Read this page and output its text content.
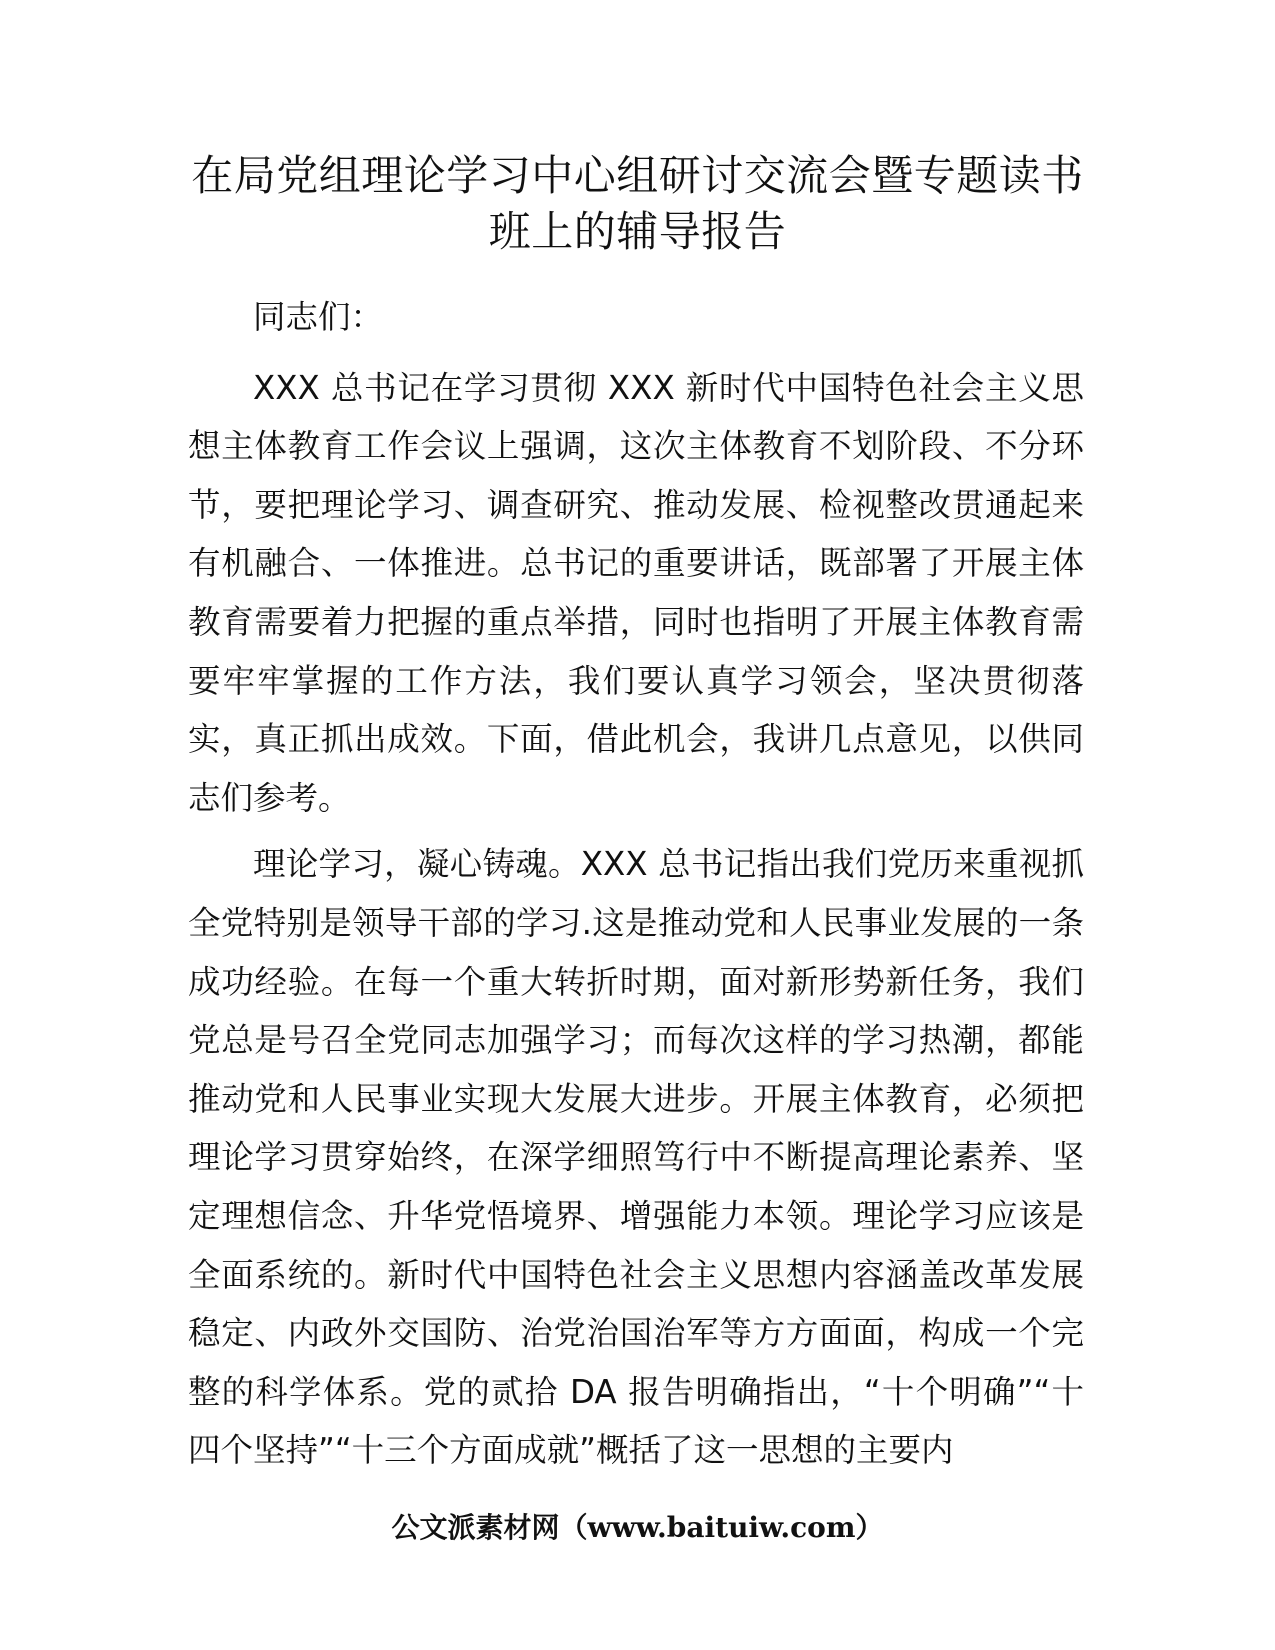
在局党组理论学习中心组研讨交流会暨专题读书班上的辅导报告

同志们：

XXX 总书记在学习贯彻 XXX 新时代中国特色社会主义思想主体教育工作会议上强调，这次主体教育不划阶段、不分环节，要把理论学习、调查研究、推动发展、检视整改贯通起来有机融合、一体推进。总书记的重要讲话，既部署了开展主体教育需要着力把握的重点举措，同时也指明了开展主体教育需要牢牢掌握的工作方法，我们要认真学习领会，坚决贯彻落实，真正抓出成效。下面，借此机会，我讲几点意见，以供同志们参考。

理论学习，凝心铸魂。XXX 总书记指出我们党历来重视抓全党特别是领导干部的学习.这是推动党和人民事业发展的一条成功经验。在每一个重大转折时期，面对新形势新任务，我们党总是号召全党同志加强学习；而每次这样的学习热潮，都能推动党和人民事业实现大发展大进步。开展主体教育，必须把理论学习贯穿始终，在深学细照笃行中不断提高理论素养、坚定理想信念、升华党悟境界、增强能力本领。理论学习应该是全面系统的。新时代中国特色社会主义思想内容涵盖改革发展稳定、内政外交国防、治党治国治军等方方面面，构成一个完整的科学体系。党的贰拾 DA 报告明确指出，“十个明确”“十四个坚持”“十三个方面成就”概括了这一思想的主要内

公文派素材网（www.baituiw.com）
